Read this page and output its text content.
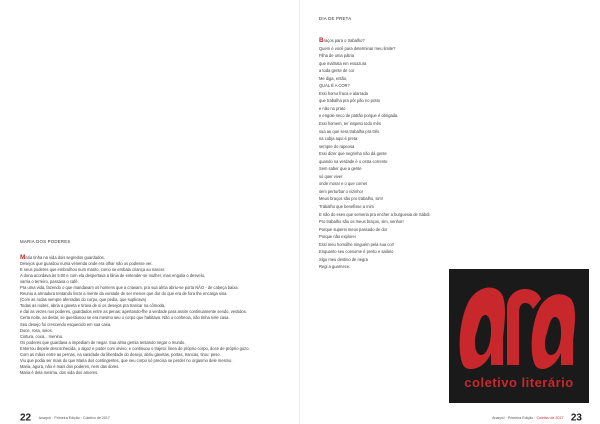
MARIA DOS PODERES
Maria tinha na vida dois segredos guardados.
Desejos que guardou numa vénenda onde era olhar não os podesse ver.
E seus poderes que embrulhou num manto, como se embala criança ao nascer.
A dona acordava às 5:00 e com ela despertava a lânia de entender-se mulher, mas engolia o desvelo,
varria o terreiro, passava o café.
Pra uma vida, fazendo o que mandavam os homens que a criavam, pra sua alma abriu-se porta NÃO - de cabeça baixa.
Reuniu a armadura tentando livrar a mente da vontade de ser menos que dor do que era de fora the encarga sina.
(Com as rodas sempre aferradas do corpo, que pedia, que suplicava)
Todas as noites, abria a gaveta e tirava de si os desejos pra trancar na cômoda,
e daí as vezes nos poderes, guardados entre as penas; apertando-fhe a verdade para assim continuamente sendo, vestidos.
Certa noite, ao deitar, se questionou se era mesmo seu o corpo que habitava. Não o conhecia, não tinha nele casa.
Seu desejo foi crescendo esquecido em sua casa.
Doce, rosa, seios.
Cintura, coxa... menino.
Os poderes que guardava a impediam de negar. Sua alma gemia tentando negar o mundo.
Enterrou depele desconhecida, o algoz e poder com olvivo, e continuou o trajeto: linea de próprio corpo, doce de próprio gozo.
Com as mãos entre as pernas, na sanidade da liberdade do desejo, abriu gavetas, portas, trancas, tirou: peso.
Viu que podia ser mais do que Maria dos contingentes, que seu corpo só precisa se perder no orgasmo dele mesmo.
Maria, agora, não é mais dos poderes, nem das dores.
Maria é dela mesma, dos vida dos amores.
22 Anarpóí · Primeira Edição · Coletivo de 2017
DIA DE PRETA
Braços para o trabalho?
Quem é você para determinar meu limite?
Filha de uma pátria
que maltrata em essazura
a toda gente de cor
Me diga, então,
QUAL É A COR?
Essi homo fraca e alarrada
que trabalha pra pôr pão no prato
e não no prato
e engole seco de patrão porque é obrigada.
Essi homem, ter inspeto todo mês
sua au que sera trabalha pra três
na cubja aqui é preta
sempre do rapeosa
Essi dizer que negrinha não dá gente
quando na verdade é o ostra corrente
Sem saber que a gente
só quer viver
onde morar e o que comer
sem perturbar o vizinho!
Meus braços são pro trabalho, sim!
Trabalho que benefisse a mim
E não do eses que serveria pra encher a burguesia de Sábdi.
Pro trabalho são os meus braços, sim, senhor!
Porque superei meus passado de dor
Porque não explorei
Essi meu homólhe ninguém pela sua cor!
Enquanto seu consome é preito e salário
Sigo meu destino de negra
Regi a guarnece.
coletivo literário
Anarpóí · Primeira Edição · Coletivo de 2017 23
